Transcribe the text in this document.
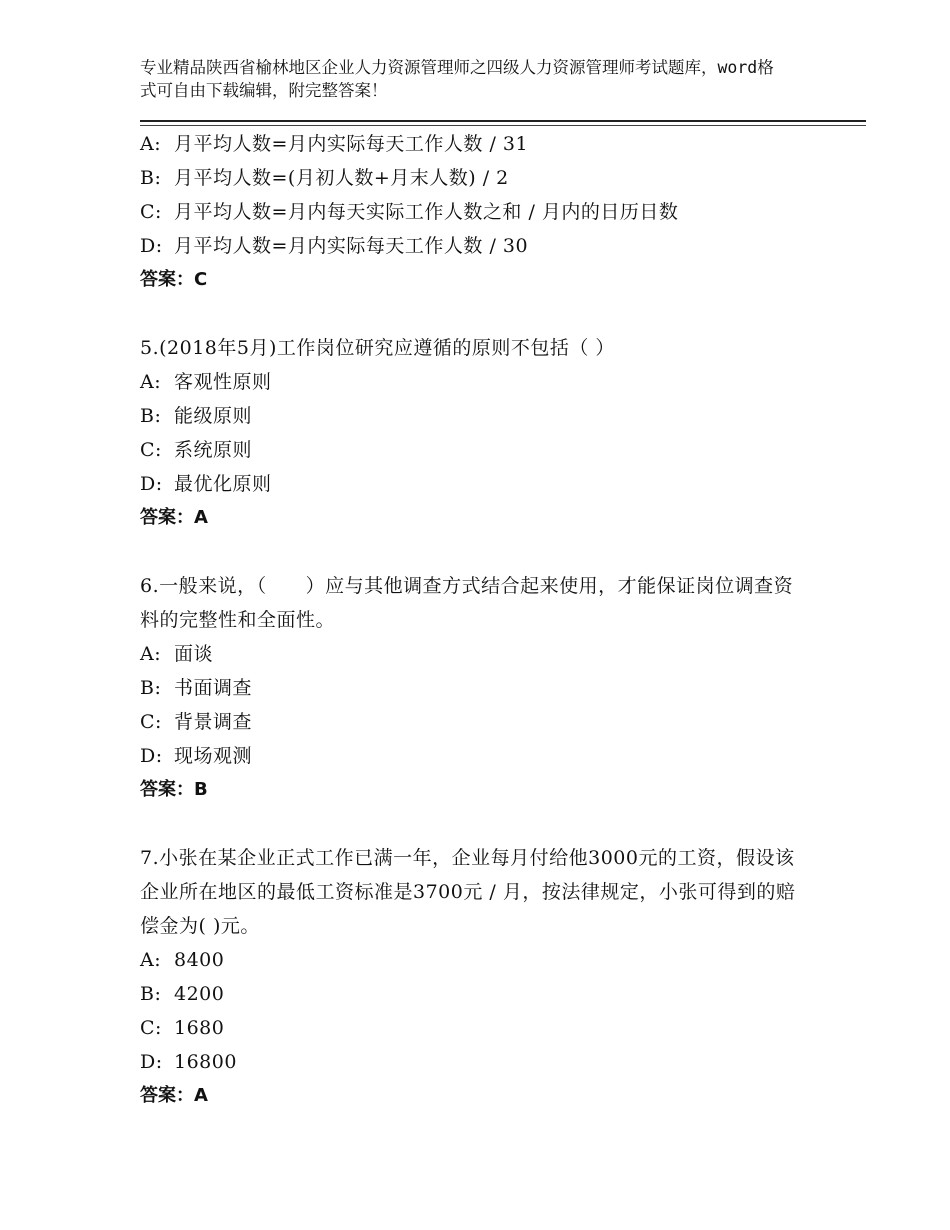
专业精品陕西省榆林地区企业人力资源管理师之四级人力资源管理师考试题库，word格式可自由下载编辑，附完整答案！
A: 月平均人数=月内实际每天工作人数 / 31
B: 月平均人数=(月初人数+月末人数) / 2
C: 月平均人数=月内每天实际工作人数之和 / 月内的日历日数
D: 月平均人数=月内实际每天工作人数 / 30
答案：C
5.(2018年5月)工作岗位研究应遵循的原则不包括（ ）
A: 客观性原则
B: 能级原则
C: 系统原则
D: 最优化原则
答案：A
6.一般来说，（　　）应与其他调查方式结合起来使用，才能保证岗位调查资料的完整性和全面性。
A: 面谈
B: 书面调查
C: 背景调查
D: 现场观测
答案：B
7.小张在某企业正式工作已满一年，企业每月付给他3000元的工资，假设该企业所在地区的最低工资标准是3700元 / 月，按法律规定，小张可得到的赔偿金为( )元。
A: 8400
B: 4200
C: 1680
D: 16800
答案：A
